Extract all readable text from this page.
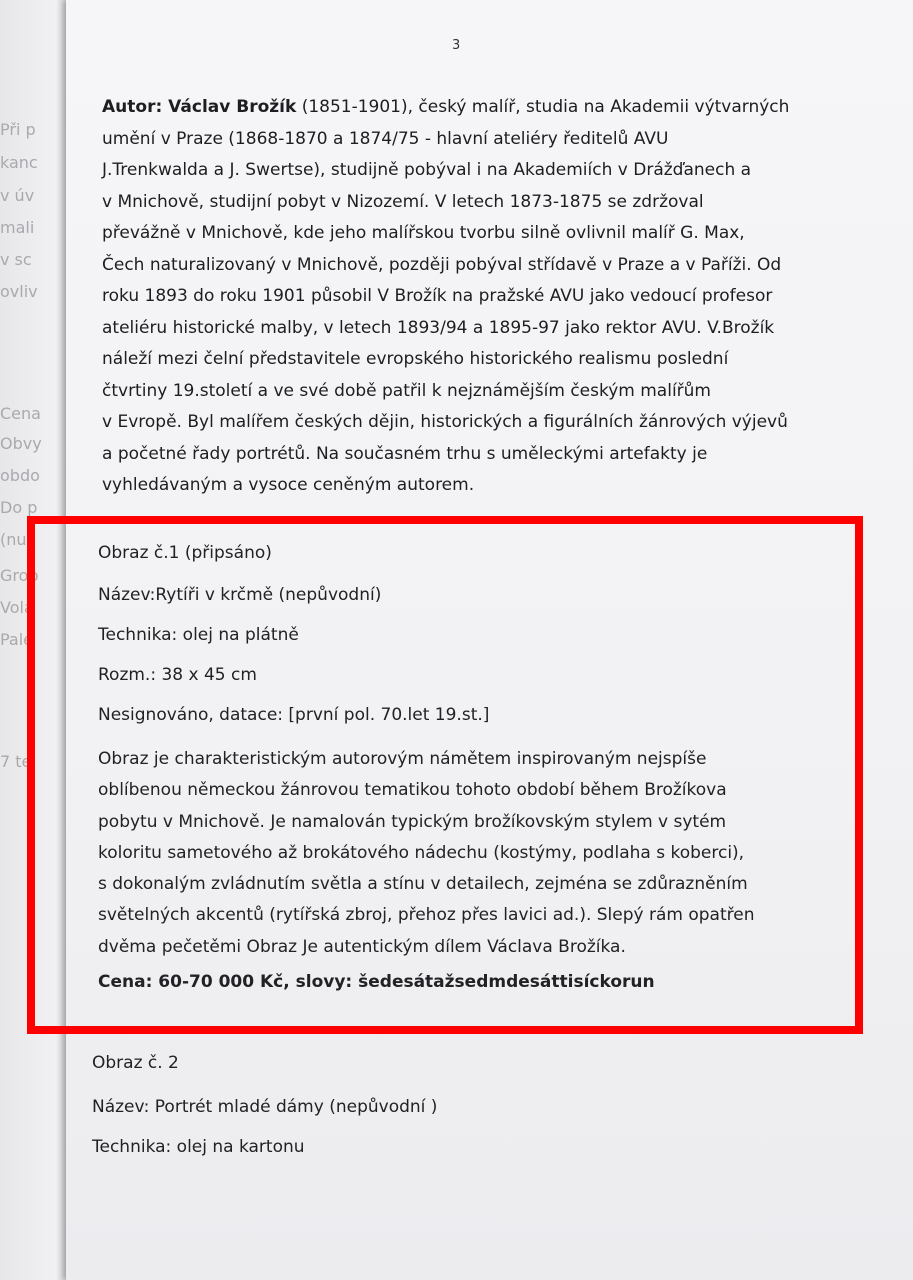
Při p
kanc
v úv
mali
v sc
ovliv
Cena
Obvy
obdo
Do p
(nu,
Grob
Vola
Pale
7 te
3
Autor: Václav Brožík (1851-1901), český malíř, studia na Akademii výtvarných
umění v Praze (1868-1870 a 1874/75 - hlavní ateliéry ředitelů AVU
J.Trenkwalda a J. Swertse), studijně pobýval i na Akademiích v Drážďanech a
v Mnichově, studijní pobyt v Nizozemí. V letech 1873-1875 se zdržoval
převážně v Mnichově, kde jeho malířskou tvorbu silně ovlivnil malíř G. Max,
Čech naturalizovaný v Mnichově, později pobýval střídavě v Praze a v Paříži. Od
roku 1893 do roku 1901 působil V Brožík na pražské AVU jako vedoucí profesor
ateliéru historické malby, v letech 1893/94 a 1895-97 jako rektor AVU. V.Brožík
náleží mezi čelní představitele evropského historického realismu poslední
čtvrtiny 19.století a ve své době patřil k nejznámějším českým malířům
v Evropě. Byl malířem českých dějin, historických a figurálních žánrových výjevů
a početné řady portrétů. Na současném trhu s uměleckými artefakty je
vyhledávaným a vysoce ceněným autorem.

Obraz č.1 (připsáno)

Název:Rytíři v krčmě (nepůvodní)

Technika: olej na plátně

Rozm.: 38 x 45 cm

Nesignováno, datace: [první pol. 70.let 19.st.]

Obraz je charakteristickým autorovým námětem inspirovaným nejspíše
oblíbenou německou žánrovou tematikou tohoto období během Brožíkova
pobytu v Mnichově. Je namalován typickým brožíkovským stylem v sytém
koloritu sametového až brokátového nádechu (kostýmy, podlaha s koberci),
s dokonalým zvládnutím světla a stínu v detailech, zejména se zdůrazněním
světelných akcentů (rytířská zbroj, přehoz přes lavici ad.). Slepý rám opatřen
dvěma pečetěmi Obraz Je autentickým dílem Václava Brožíka.
Cena: 60-70 000 Kč, slovy: šedesátažsedmdesáttisíckorun

Obraz č. 2

Název: Portrét mladé dámy (nepůvodní )

Technika: olej na kartonu
